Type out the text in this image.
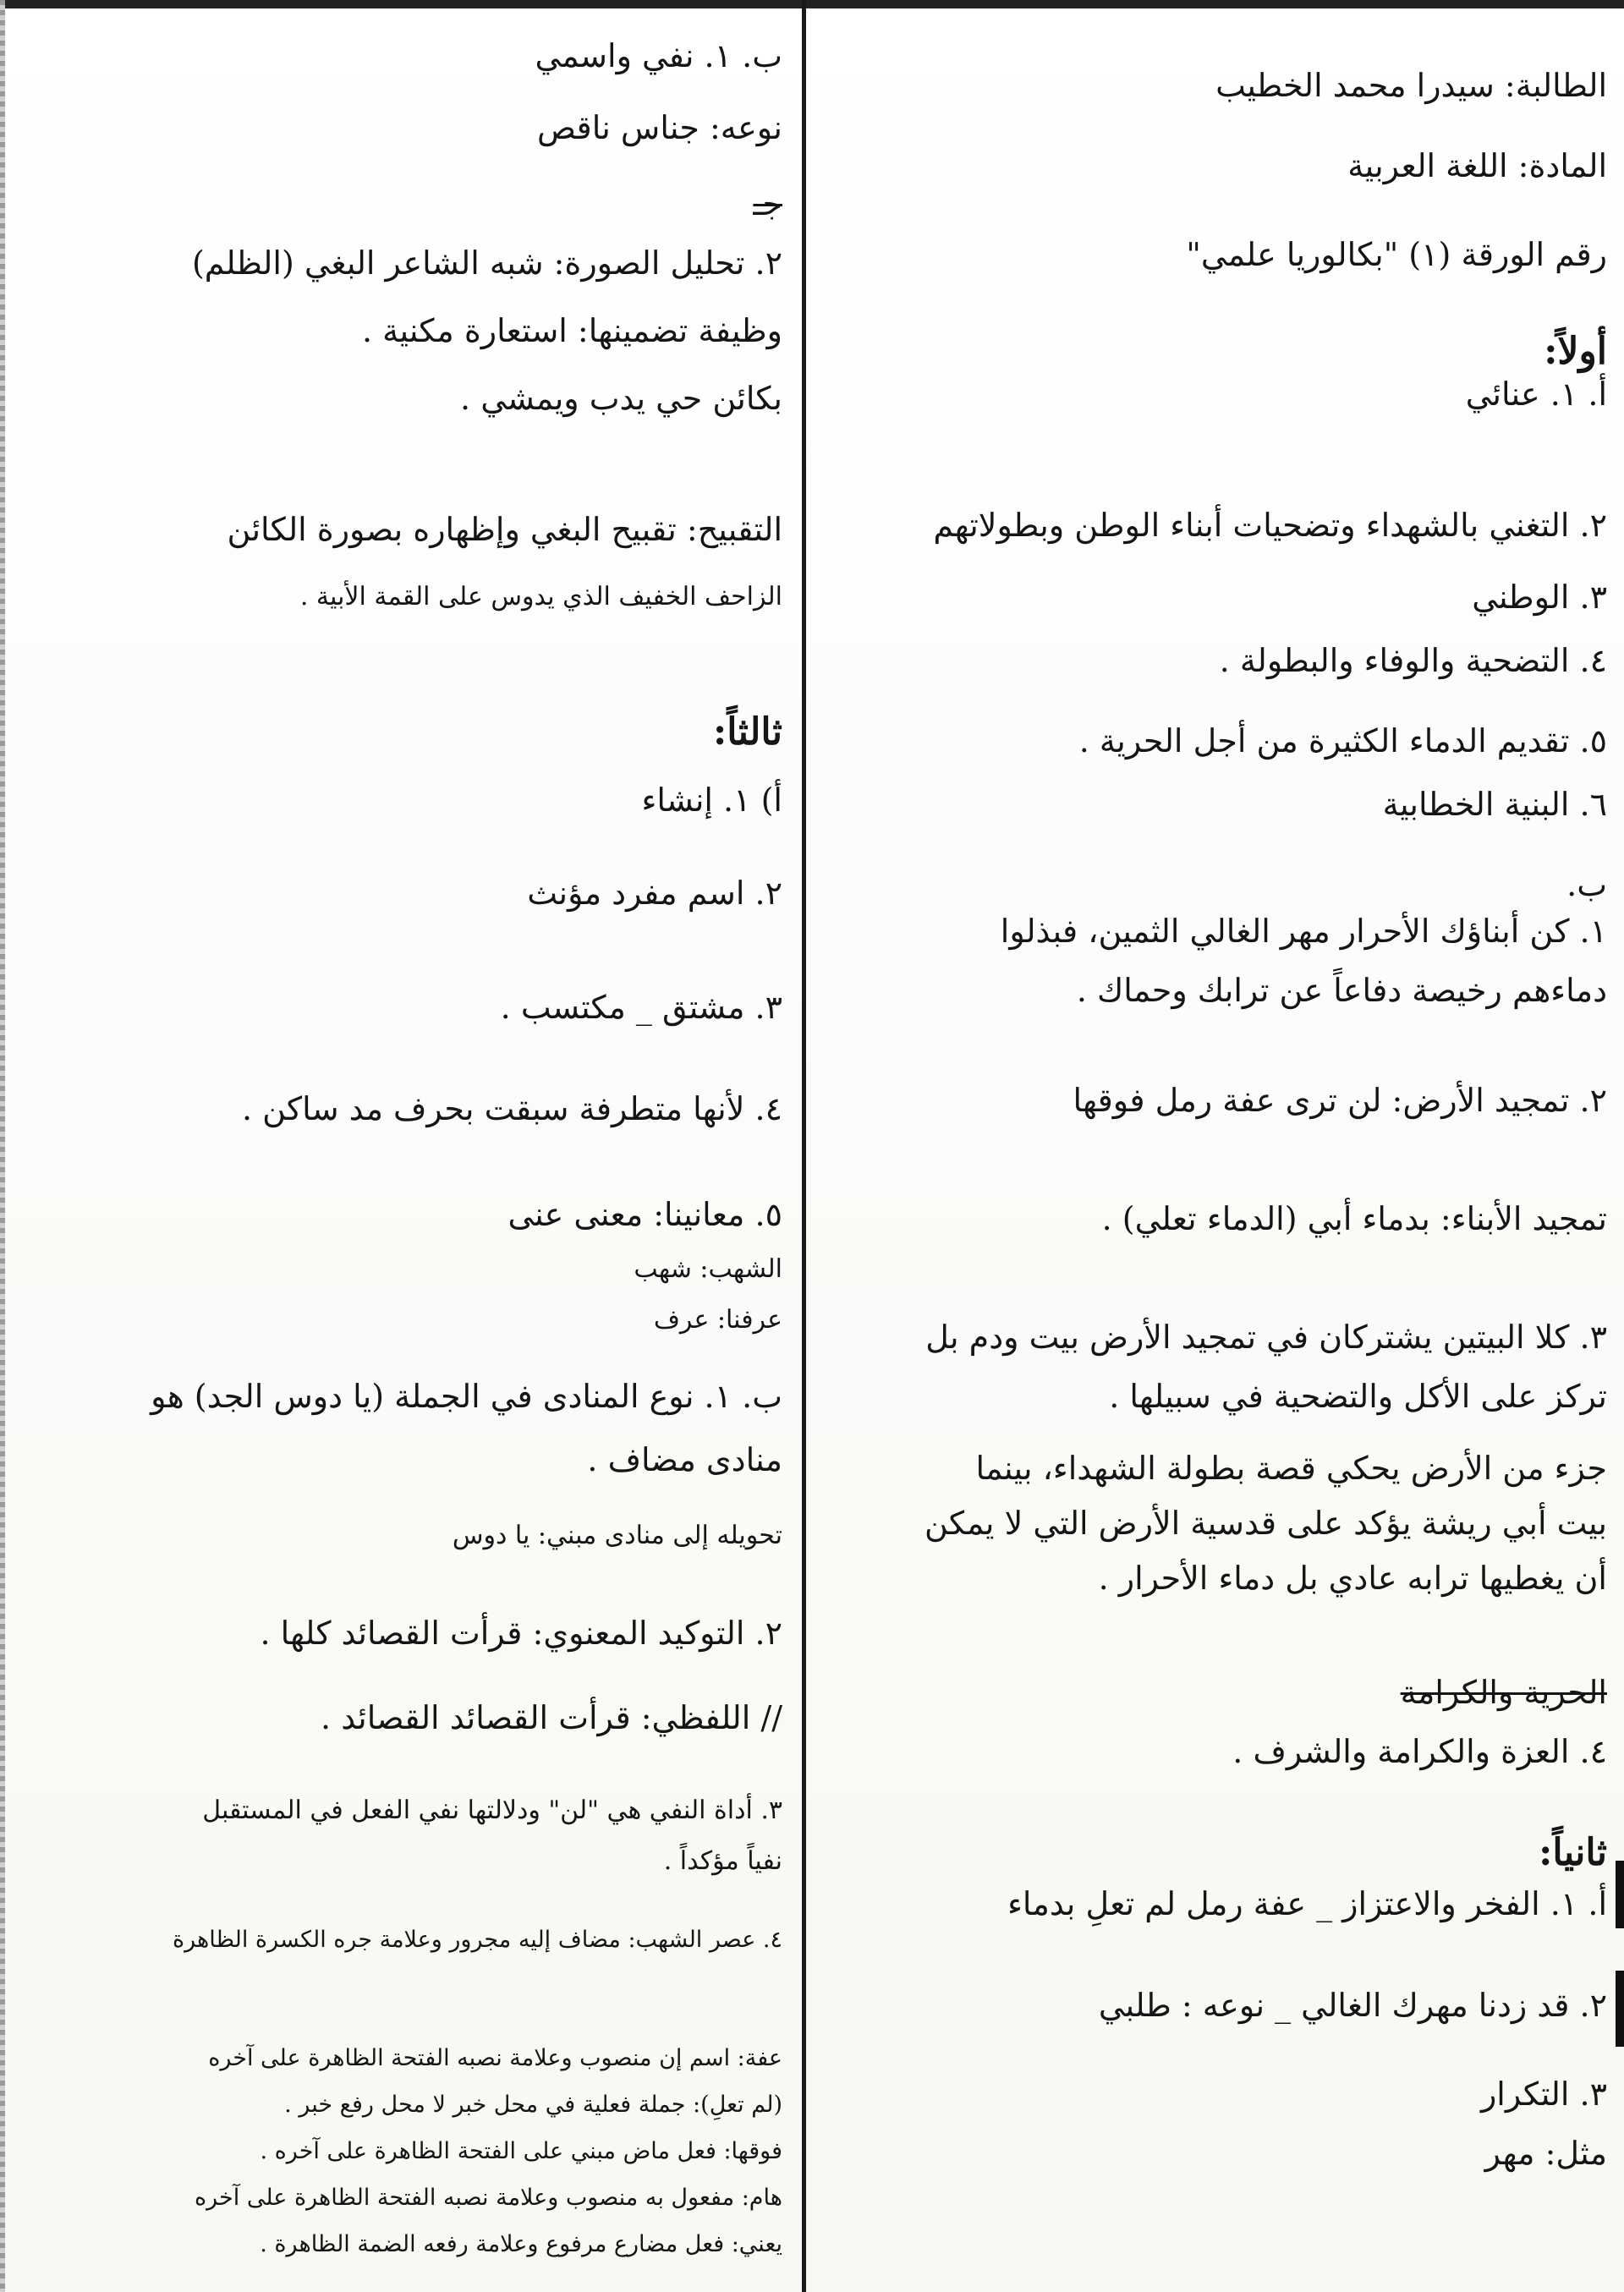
الطالبة: سيدرا محمد الخطيب
المادة: اللغة العربية
رقم الورقة (١) "بكالوريا علمي"
أولاً:
أ. ١. عنائي
٢. التغني بالشهداء وتضحيات أبناء الوطن وبطولاتهم
٣. الوطني
٤. التضحية والوفاء والبطولة .
٥. تقديم الدماء الكثيرة من أجل الحرية .
٦. البنية الخطابية
ب.
١. كن أبناؤك الأحرار مهر الغالي الثمين، فبذلوا
دماءهم رخيصة دفاعاً عن ترابك وحماك .
٢. تمجيد الأرض: لن ترى عفة رمل فوقها
تمجيد الأبناء: بدماء أبي (الدماء تعلي) .
٣. كلا البيتين يشتركان في تمجيد الأرض بيت ودم بل
تركز على الأكل والتضحية في سبيلها .
جزء من الأرض يحكي قصة بطولة الشهداء، بينما
بيت أبي ريشة يؤكد على قدسية الأرض التي لا يمكن
أن يغطيها ترابه عادي بل دماء الأحرار .
الحرية والكرامة
٤. العزة والكرامة والشرف .
ثانياً:
أ. ١. الفخر والاعتزاز _ عفة رمل لم تعلِ بدماء
٢. قد زدنا مهرك الغالي _ نوعه : طلبي
٣. التكرار
مثل: مهر
ب. ١. نفي واسمي
نوعه: جناس ناقص
جـ
٢. تحليل الصورة: شبه الشاعر البغي (الظلم)
وظيفة تضمينها: استعارة مكنية .
بكائن حي يدب ويمشي .
التقبيح: تقبيح البغي وإظهاره بصورة الكائن
الزاحف الخفيف الذي يدوس على القمة الأبية .
ثالثاً:
أ) ١. إنشاء
٢. اسم مفرد مؤنث
٣. مشتق _ مكتسب .
٤. لأنها متطرفة سبقت بحرف مد ساكن .
٥. معانينا: معنى عنى
الشهب: شهب
عرفنا: عرف
ب. ١. نوع المنادى في الجملة (يا دوس الجد) هو
منادى مضاف .
تحويله إلى منادى مبني: يا دوس
٢. التوكيد المعنوي: قرأت القصائد كلها .
// اللفظي: قرأت القصائد القصائد .
٣. أداة النفي هي "لن" ودلالتها نفي الفعل في المستقبل
نفياً مؤكداً .
٤. عصر الشهب: مضاف إليه مجرور وعلامة جره الكسرة الظاهرة
عفة: اسم إن منصوب وعلامة نصبه الفتحة الظاهرة على آخره
(لم تعلِ): جملة فعلية في محل خبر لا محل رفع خبر .
فوقها: فعل ماض مبني على الفتحة الظاهرة على آخره .
هام: مفعول به منصوب وعلامة نصبه الفتحة الظاهرة على آخره
يعني: فعل مضارع مرفوع وعلامة رفعه الضمة الظاهرة .
